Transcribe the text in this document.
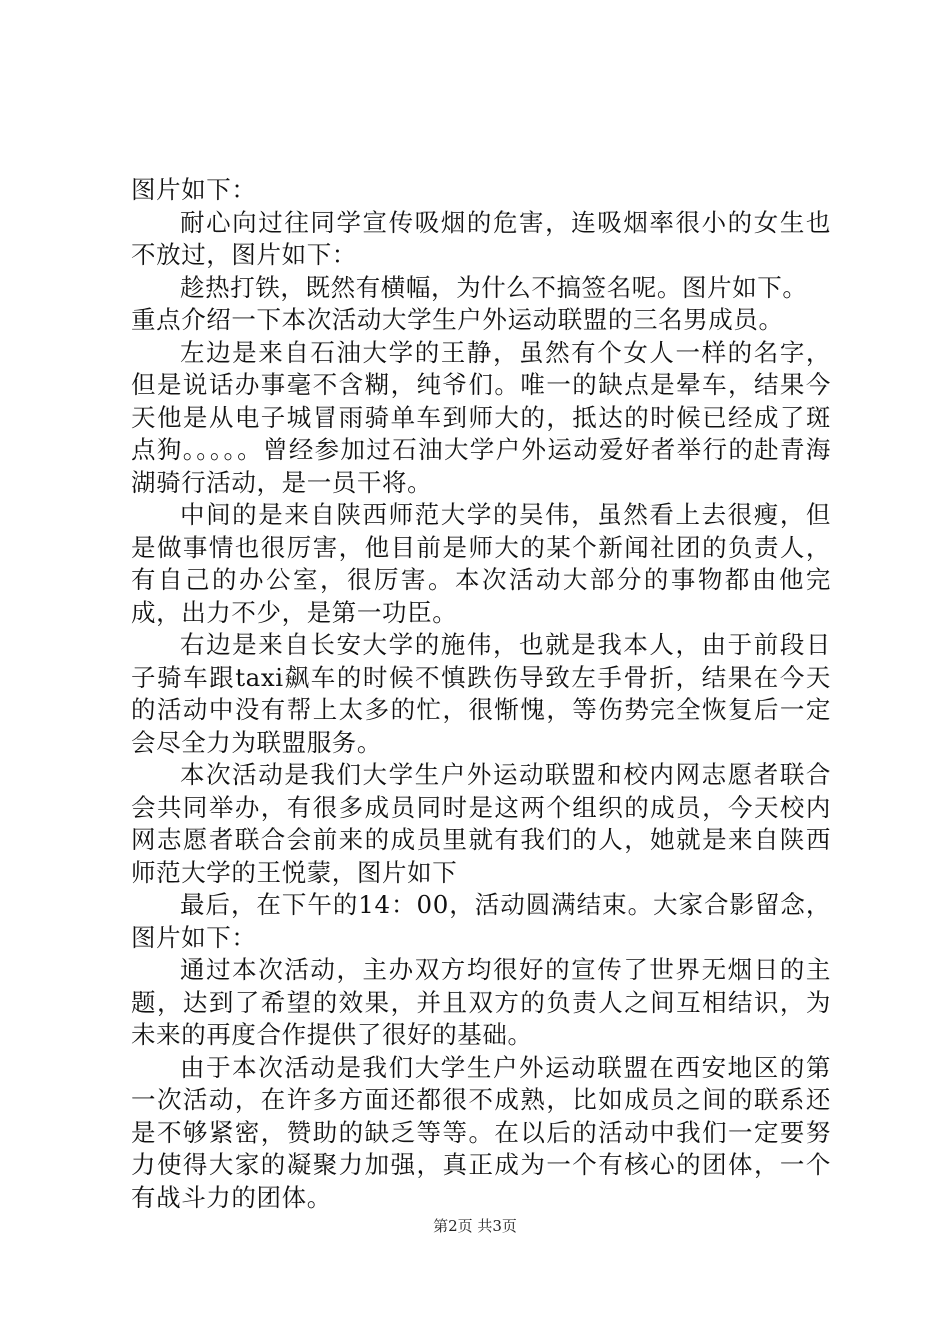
图片如下：

耐心向过往同学宣传吸烟的危害，连吸烟率很小的女生也不放过，图片如下：

趁热打铁，既然有横幅，为什么不搞签名呢。图片如下。

重点介绍一下本次活动大学生户外运动联盟的三名男成员。

左边是来自石油大学的王静，虽然有个女人一样的名字，但是说话办事毫不含糊，纯爷们。唯一的缺点是晕车，结果今天他是从电子城冒雨骑单车到师大的，抵达的时候已经成了斑点狗。。。。。曾经参加过石油大学户外运动爱好者举行的赴青海湖骑行活动，是一员干将。

中间的是来自陕西师范大学的吴伟，虽然看上去很瘦，但是做事情也很厉害，他目前是师大的某个新闻社团的负责人，有自己的办公室，很厉害。本次活动大部分的事物都由他完成，出力不少，是第一功臣。

右边是来自长安大学的施伟，也就是我本人，由于前段日子骑车跟taxi飙车的时候不慎跌伤导致左手骨折，结果在今天的活动中没有帮上太多的忙，很惭愧，等伤势完全恢复后一定会尽全力为联盟服务。

本次活动是我们大学生户外运动联盟和校内网志愿者联合会共同举办，有很多成员同时是这两个组织的成员，今天校内网志愿者联合会前来的成员里就有我们的人，她就是来自陕西师范大学的王悦蒙，图片如下

最后，在下午的14：00，活动圆满结束。大家合影留念，图片如下：

通过本次活动，主办双方均很好的宣传了世界无烟日的主题，达到了希望的效果，并且双方的负责人之间互相结识，为未来的再度合作提供了很好的基础。

由于本次活动是我们大学生户外运动联盟在西安地区的第一次活动，在许多方面还都很不成熟，比如成员之间的联系还是不够紧密，赞助的缺乏等等。在以后的活动中我们一定要努力使得大家的凝聚力加强，真正成为一个有核心的团体，一个有战斗力的团体。

第2页 共3页
